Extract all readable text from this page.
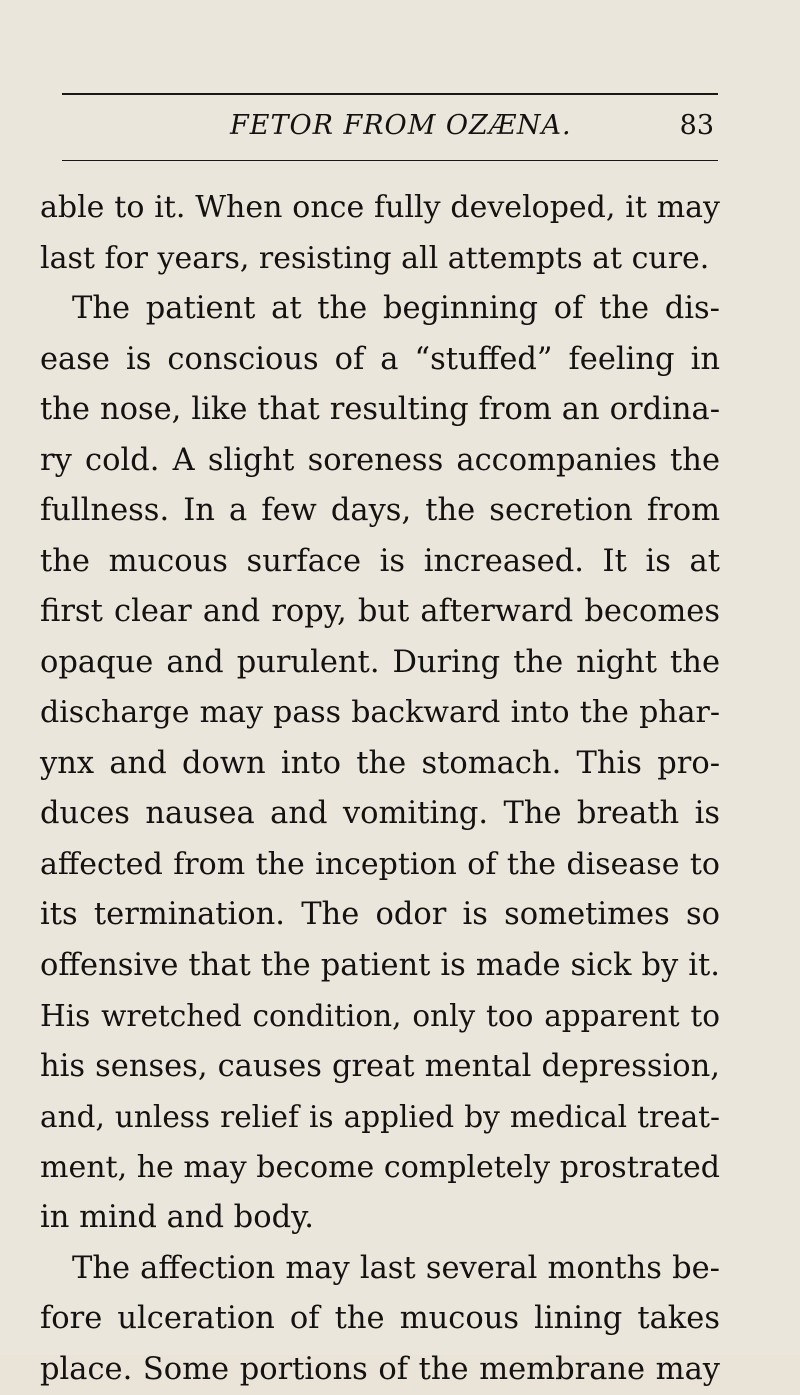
FETOR FROM OZÆNA.	83
able to it. When once fully developed, it may
last for years, resisting all attempts at cure.
The patient at the beginning of the dis-
ease is conscious of a “stuffed” feeling in
the nose, like that resulting from an ordina-
ry cold. A slight soreness accompanies the
fullness. In a few days, the secretion from
the mucous surface is increased. It is at
first clear and ropy, but afterward becomes
opaque and purulent. During the night the
discharge may pass backward into the phar-
ynx and down into the stomach. This pro-
duces nausea and vomiting. The breath is
affected from the inception of the disease to
its termination. The odor is sometimes so
offensive that the patient is made sick by it.
His wretched condition, only too apparent to
his senses, causes great mental depression,
and, unless relief is applied by medical treat-
ment, he may become completely prostrated
in mind and body.
The affection may last several months be-
fore ulceration of the mucous lining takes
place. Some portions of the membrane may
